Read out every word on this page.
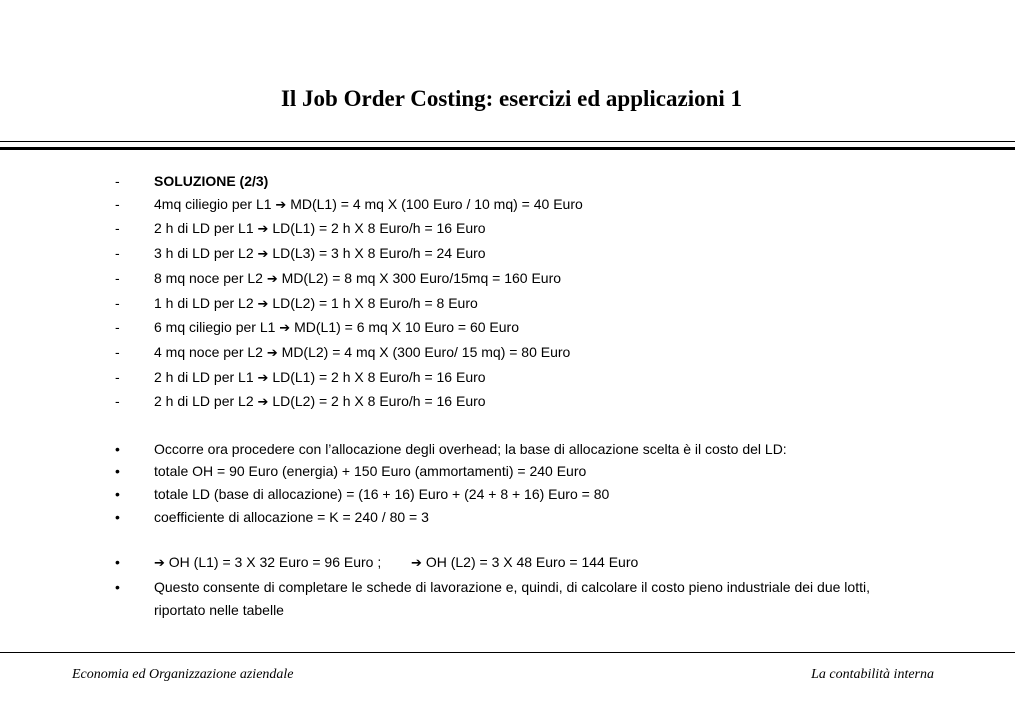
Il Job Order Costing: esercizi ed applicazioni 1
- SOLUZIONE (2/3)
- 4mq ciliegio per L1 ➔ MD(L1) = 4 mq X (100 Euro / 10 mq) = 40 Euro
- 2 h di LD per L1 ➔ LD(L1) = 2 h X 8 Euro/h = 16 Euro
- 3 h di LD per L2 ➔ LD(L3) = 3 h X 8 Euro/h = 24 Euro
- 8 mq noce per L2 ➔ MD(L2) = 8 mq X 300 Euro/15mq = 160 Euro
- 1 h di LD per L2 ➔ LD(L2) = 1 h X 8 Euro/h = 8 Euro
- 6 mq ciliegio per L1 ➔ MD(L1) = 6 mq X 10 Euro = 60 Euro
- 4 mq noce per L2 ➔ MD(L2) = 4 mq X (300 Euro/ 15 mq) = 80 Euro
- 2 h di LD per L1 ➔ LD(L1) = 2 h X 8 Euro/h = 16 Euro
- 2 h di LD per L2 ➔ LD(L2) = 2 h X 8 Euro/h = 16 Euro
• Occorre ora procedere con l’allocazione degli overhead; la base di allocazione scelta è il costo del LD:
• totale OH = 90 Euro (energia) + 150 Euro (ammortamenti) = 240 Euro
• totale LD (base di allocazione) = (16 + 16) Euro + (24 + 8 + 16) Euro = 80
• coefficiente di allocazione = K = 240 / 80 = 3
•	➔ OH (L1) = 3 X 32 Euro = 96 Euro ; ➔ OH (L2) = 3 X 48 Euro = 144 Euro
• Questo consente di completare le schede di lavorazione e, quindi, di calcolare il costo pieno industriale dei due lotti, riportato nelle tabelle
Economia ed Organizzazione aziendale	La contabilità interna
